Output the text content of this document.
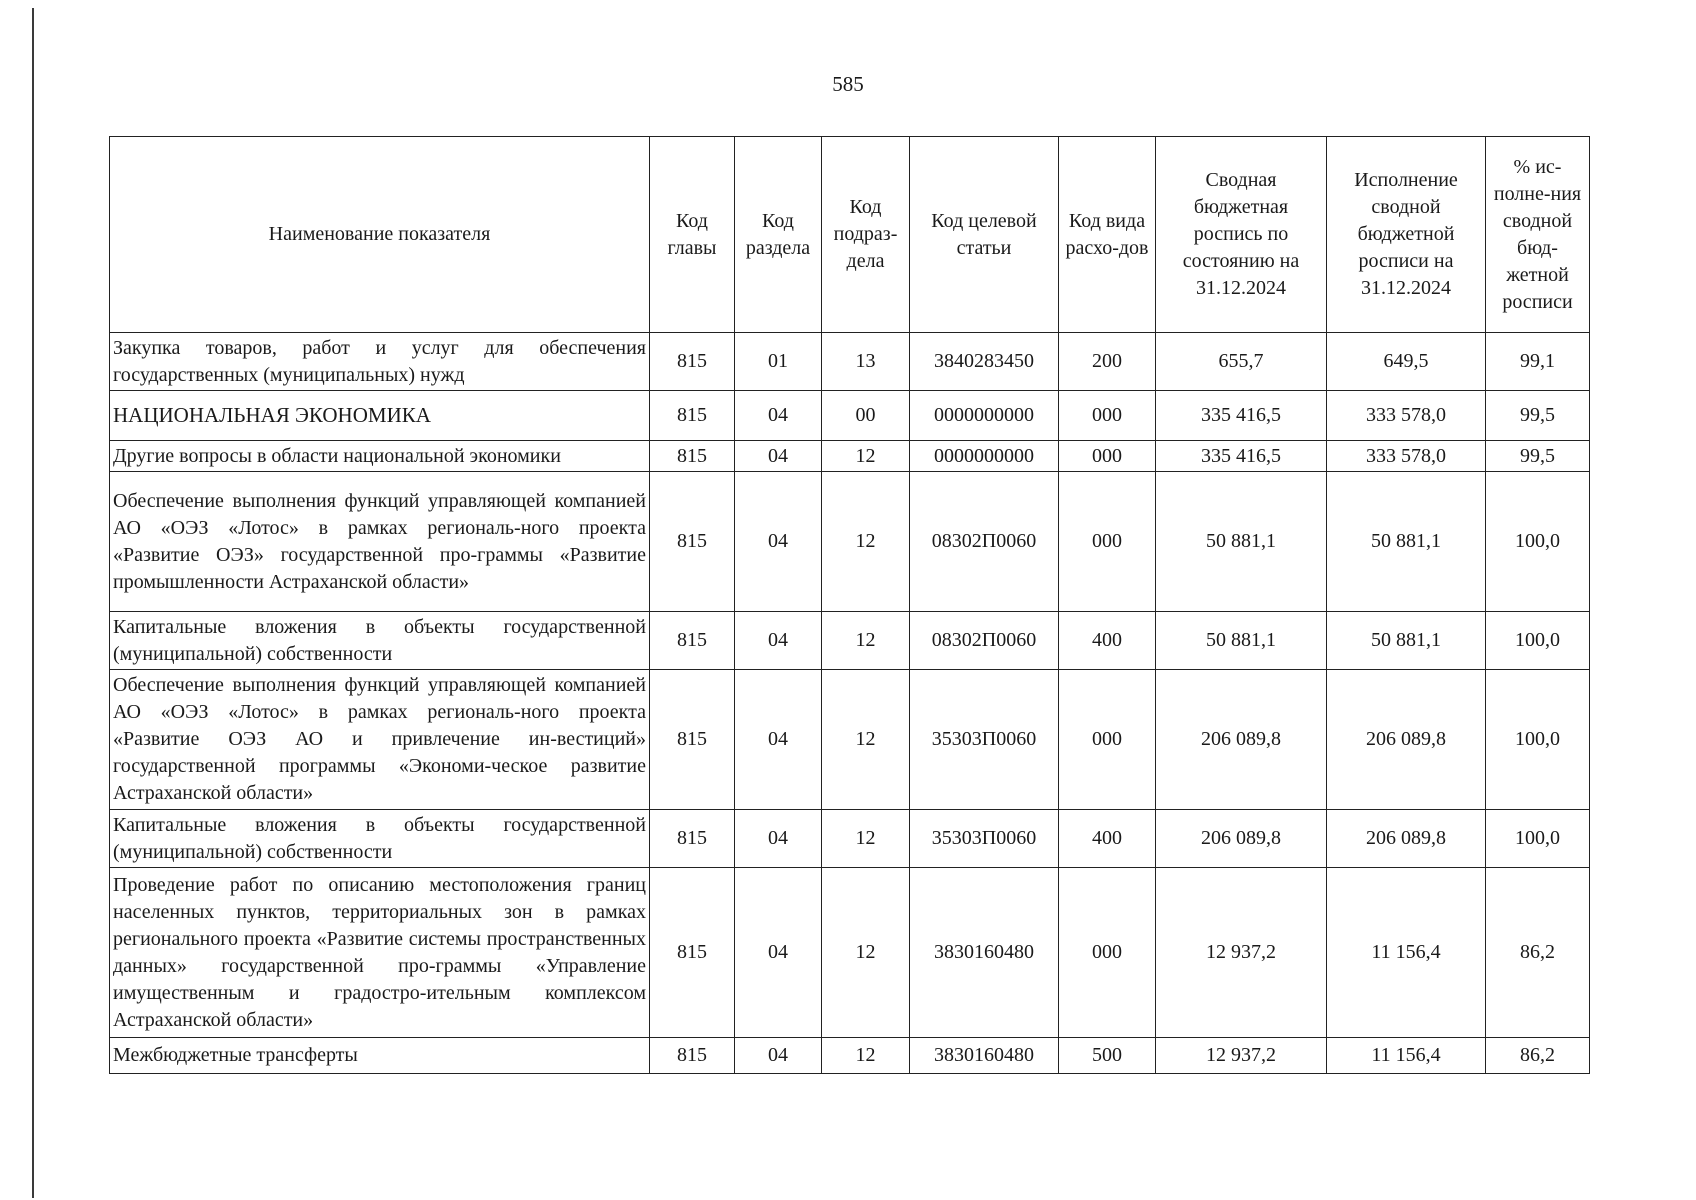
585
Наименование показателя	Код главы	Код раздела	Код подраз-дела	Код целевой статьи	Код вида расхо-дов	Сводная бюджетная роспись по состоянию на 31.12.2024	Исполнение сводной бюджетной росписи на 31.12.2024	% ис-полне-ния сводной бюд-жетной росписи
Закупка товаров, работ и услуг для обеспечения государственных (муниципальных) нужд	815	01	13	3840283450	200	655,7	649,5	99,1
НАЦИОНАЛЬНАЯ ЭКОНОМИКА	815	04	00	0000000000	000	335 416,5	333 578,0	99,5
Другие вопросы в области национальной экономики	815	04	12	0000000000	000	335 416,5	333 578,0	99,5
Обеспечение выполнения функций управляющей компанией АО «ОЭЗ «Лотос» в рамках региональ-ного проекта «Развитие ОЭЗ» государственной про-граммы «Развитие промышленности Астраханской области»	815	04	12	08302П0060	000	50 881,1	50 881,1	100,0
Капитальные вложения в объекты государственной (муниципальной) собственности	815	04	12	08302П0060	400	50 881,1	50 881,1	100,0
Обеспечение выполнения функций управляющей компанией АО «ОЭЗ «Лотос» в рамках региональ-ного проекта «Развитие ОЭЗ АО и привлечение ин-вестиций» государственной программы «Экономи-ческое развитие Астраханской области»	815	04	12	35303П0060	000	206 089,8	206 089,8	100,0
Капитальные вложения в объекты государственной (муниципальной) собственности	815	04	12	35303П0060	400	206 089,8	206 089,8	100,0
Проведение работ по описанию местоположения границ населенных пунктов, территориальных зон в рамках регионального проекта «Развитие системы пространственных данных» государственной про-граммы «Управление имущественным и градостро-ительным комплексом Астраханской области»	815	04	12	3830160480	000	12 937,2	11 156,4	86,2
Межбюджетные трансферты	815	04	12	3830160480	500	12 937,2	11 156,4	86,2
